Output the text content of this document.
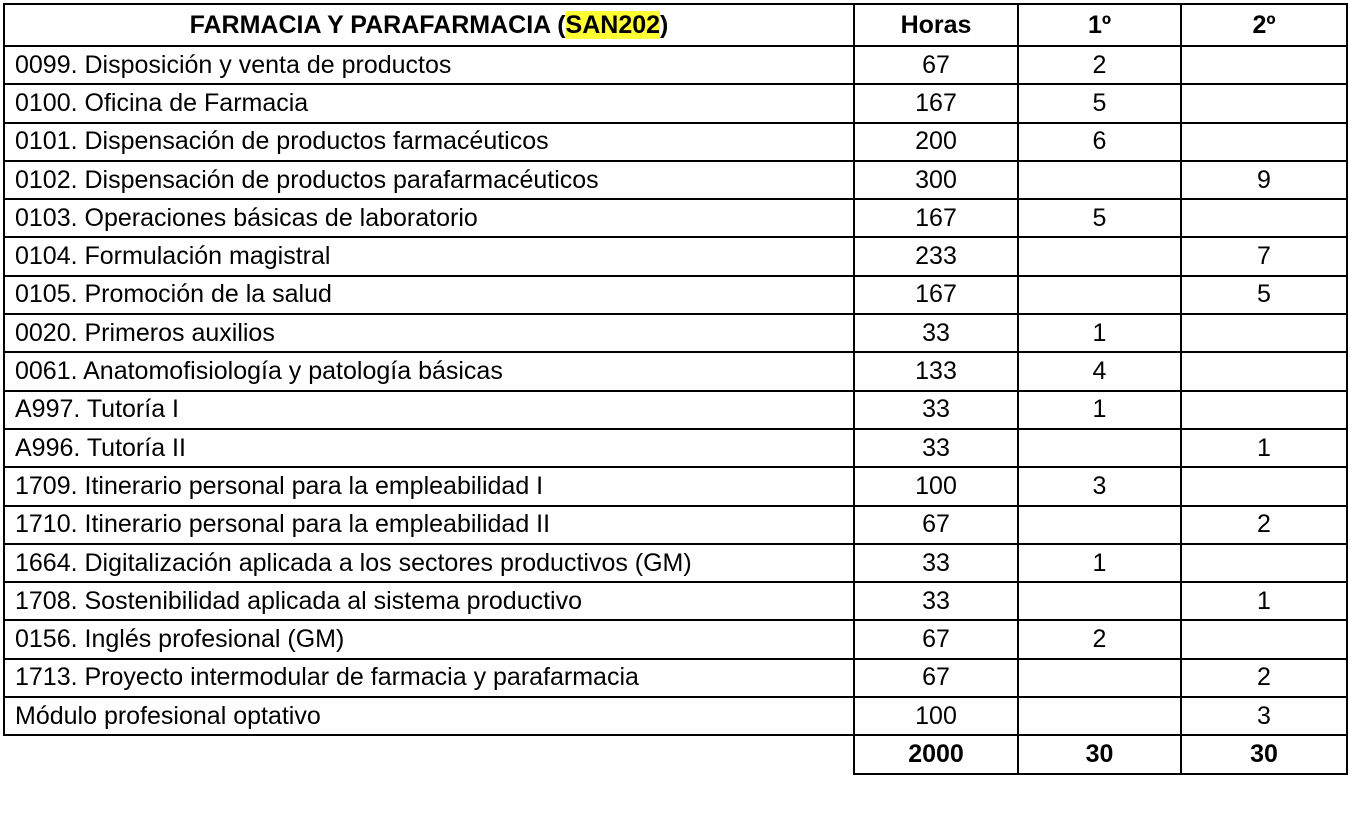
FARMACIA Y PARAFARMACIA (SAN202)	Horas	1º	2º
0099. Disposición y venta de productos	67	2	
0100. Oficina de Farmacia	167	5	
0101. Dispensación de productos farmacéuticos	200	6	
0102. Dispensación de productos parafarmacéuticos	300		9
0103. Operaciones básicas de laboratorio	167	5	
0104. Formulación magistral	233		7
0105. Promoción de la salud	167		5
0020. Primeros auxilios	33	1	
0061. Anatomofisiología y patología básicas	133	4	
A997. Tutoría I	33	1	
A996. Tutoría II	33		1
1709. Itinerario personal para la empleabilidad I	100	3	
1710. Itinerario personal para la empleabilidad II	67		2
1664. Digitalización aplicada a los sectores productivos (GM)	33	1	
1708. Sostenibilidad aplicada al sistema productivo	33		1
0156. Inglés profesional (GM)	67	2	
1713. Proyecto intermodular de farmacia y parafarmacia	67		2
Módulo profesional optativo	100		3
	2000	30	30
